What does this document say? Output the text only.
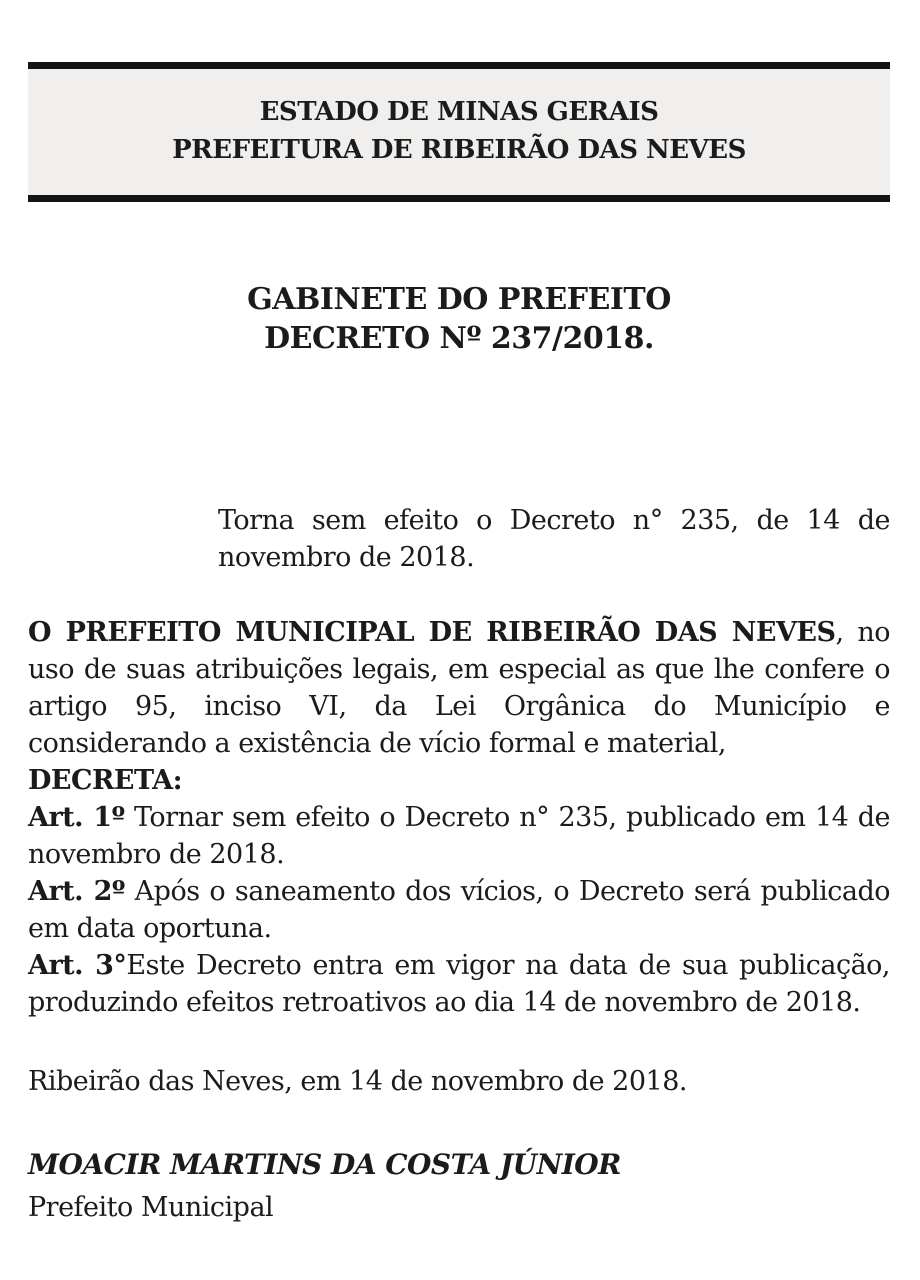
ESTADO DE MINAS GERAIS
PREFEITURA DE RIBEIRÃO DAS NEVES
GABINETE DO PREFEITO
DECRETO Nº 237/2018.

Torna sem efeito o Decreto n° 235, de 14 de novembro de 2018.

O PREFEITO MUNICIPAL DE RIBEIRÃO DAS NEVES, no uso de suas atribuições legais, em especial as que lhe confere o artigo 95, inciso VI, da Lei Orgânica do Município e considerando a existência de vício formal e material,

DECRETA:

Art. 1º Tornar sem efeito o Decreto n° 235, publicado em 14 de novembro de 2018.

Art. 2º Após o saneamento dos vícios, o Decreto será publicado em data oportuna.

Art. 3°Este Decreto entra em vigor na data de sua publicação, produzindo efeitos retroativos ao dia 14 de novembro de 2018.

Ribeirão das Neves, em 14 de novembro de 2018.

MOACIR MARTINS DA COSTA JÚNIOR

Prefeito Municipal
